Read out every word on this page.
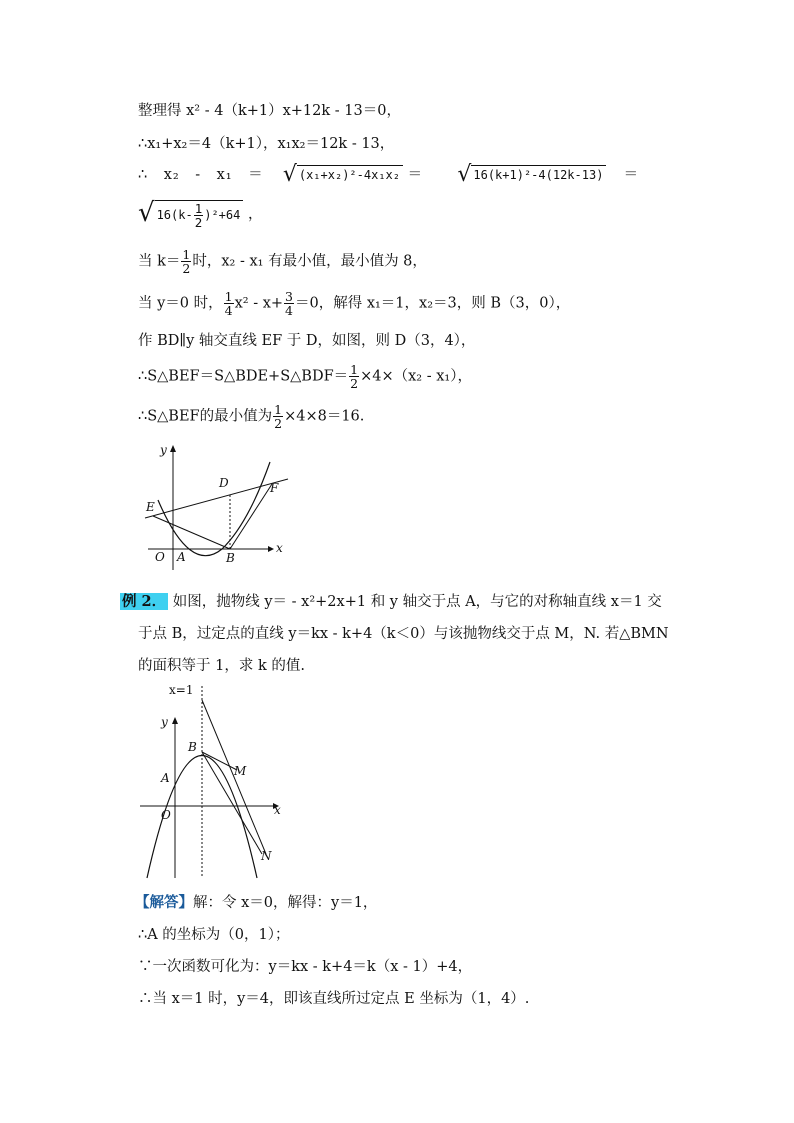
整理得 x² - 4（k+1）x+12k - 13＝0，
∴x₁+x₂＝4（k+1），x₁x₂＝12k - 13，
∴　x₂　-　x₁　＝ √ (x₁+x₂)²-4x₁x₂ ＝ √ 16(k+1)²-4(12k-13) ＝
√ $16(k- \frac{1}{2} )^2+64$ ，
当 $k= \frac{1}{2}$ 时，x₂ - x₁ 有最小值，最小值为 8，
当 y＝0 时， $\frac{1}{4} x^2 - x+ \frac{3}{4} =0$，解得 x₁＝1，x₂＝3，则 B（3，0），
作 BD∥y 轴交直线 EF 于 D，如图，则 D（3，4），
∴S△BEF＝S△BDE+S△BDF＝ $\frac{1}{2} \times 4\times(x_2 - x_1)$，
∴S△BEF的最小值为 $\frac{1}{2} \times 4\times 8=16$.
y
x
O A	B
D
E
F
例 2． 如图，抛物线 y＝ - x²+2x+1 和 y 轴交于点 A，与它的对称轴直线 x＝1 交
于点 B，过定点的直线 y＝kx - k+4（k＜0）与该抛物线交于点 M，N. 若△BMN
的面积等于 1，求 k 的值.
x=1
y
x
O
A
B
M
N
【解答】解：令 x＝0，解得：y＝1，
∴A 的坐标为（0，1）；
∵一次函数可化为：y＝kx - k+4＝k（x - 1）+4，
∴当 x＝1 时，y＝4，即该直线所过定点 E 坐标为（1，4）.
